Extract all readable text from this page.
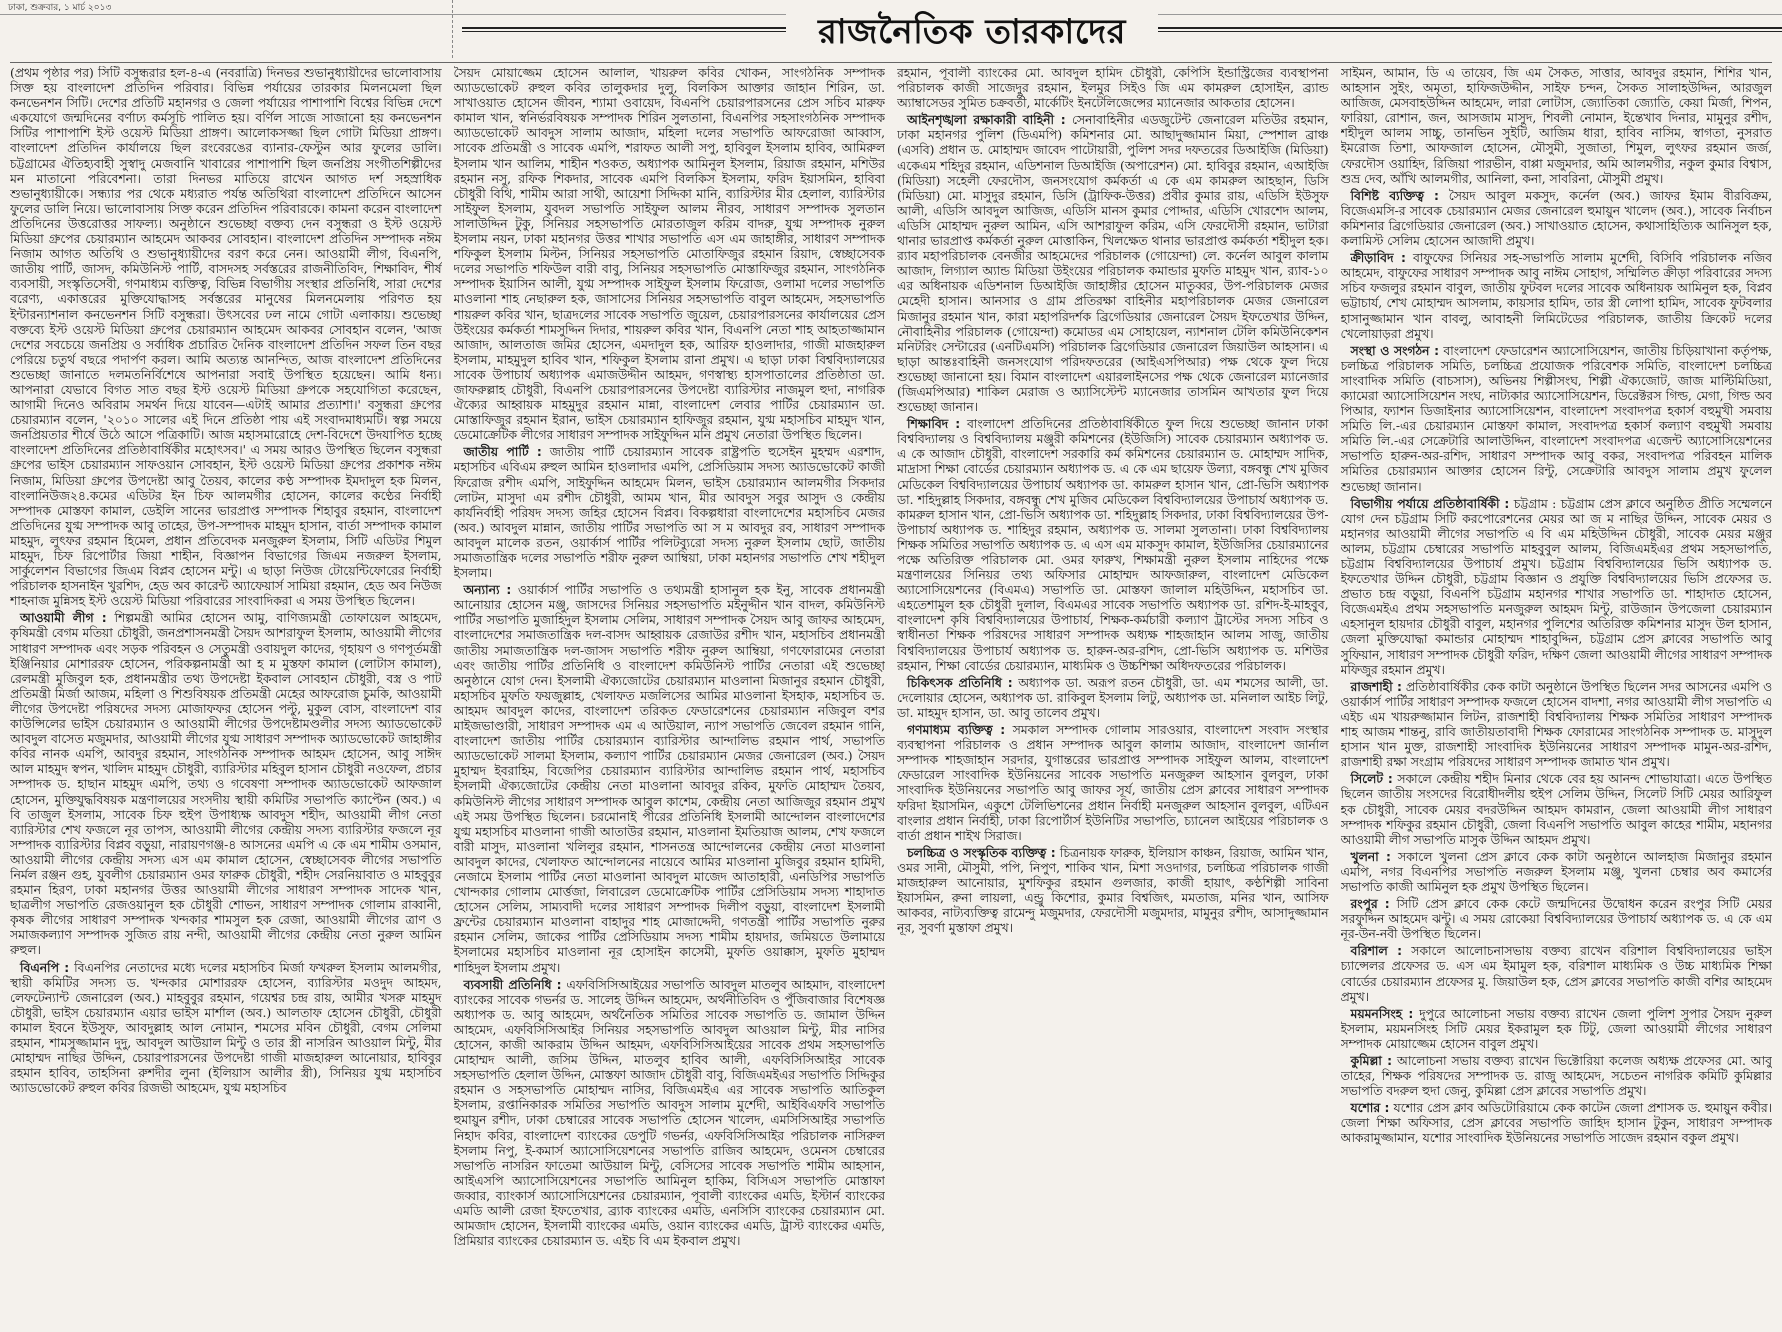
ঢাকা, শুক্রবার, ১ মার্চ ২০১৩
রাজনৈতিক তারকাদের

(প্রথম পৃষ্ঠার পর) সিটি বসুন্ধরার হল-৪-এ (নবরাত্রি) দিনভর শুভানুধ্যায়ীদের ভালোবাসায় সিক্ত হয় বাংলাদেশ প্রতিদিন পরিবার। বিভিন্ন পর্যায়ের তারকার মিলনমেলা ছিল কনভেনশন সিটি। দেশের প্রতিটি মহানগর ও জেলা পর্যায়ের পাশাপাশি বিশ্বের বিভিন্ন দেশে একযোগে জন্মদিনের বর্ণাঢ্য কর্মসূচি পালিত হয়। বর্ণিল সাজে সাজানো হয় কনভেনশন সিটির পাশাপাশি ইস্ট ওয়েস্ট মিডিয়া প্রাঙ্গণ। আলোকসজ্জা ছিল গোটা মিডিয়া প্রাঙ্গণ। বাংলাদেশ প্রতিদিন কার্যালয়ে ছিল রংবেরঙের ব্যানার-ফেস্টুন আর ফুলের ডালি। চট্টগ্রামের ঐতিহ্যবাহী সুস্বাদু মেজবানি খাবারের পাশাপাশি ছিল জনপ্রিয় সংগীতশিল্পীদের মন মাতানো পরিবেশনা। তারা দিনভর মাতিয়ে রাখেন আগত দর্শ সহস্রাধিক শুভানুধ্যায়ীকে। সন্ধ্যার পর থেকে মধ্যরাত পর্যন্ত অতিথিরা বাংলাদেশ প্রতিদিনে আসেন ফুলের ডালি নিয়ে। ভালোবাসায় সিক্ত করেন প্রতিদিন পরিবারকে। কামনা করেন বাংলাদেশ প্রতিদিনের উত্তরোত্তর সাফল্য। অনুষ্ঠানে শুভেচ্ছা বক্তব্য দেন বসুন্ধরা ও ইস্ট ওয়েস্ট মিডিয়া গ্রুপের চেয়ারম্যান আহমেদ আকবর সোবহান। বাংলাদেশ প্রতিদিন সম্পাদক নঈম নিজাম আগত অতিথি ও শুভানুধ্যায়ীদের বরণ করে নেন। আওয়ামী লীগ, বিএনপি, জাতীয় পার্টি, জাসদ, কমিউনিস্ট পার্টি, বাসদসহ সর্বস্তরের রাজনীতিবিদ, শিক্ষাবিদ, শীর্ষ ব্যবসায়ী, সংস্কৃতিসেবী, গণমাধ্যম ব্যক্তিত্ব, বিভিন্ন বিভাগীয় সংস্থার প্রতিনিধি, সারা দেশের বরেণ্য, একাত্তরের মুক্তিযোদ্ধাসহ সর্বস্তরের মানুষের মিলনমেলায় পরিণত হয় ইন্টারন্যাশনাল কনভেনশন সিটি বসুন্ধরা। উৎসবের ঢল নামে গোটা এলাকায়। শুভেচ্ছা বক্তব্যে ইস্ট ওয়েস্ট মিডিয়া গ্রুপের চেয়ারম্যান আহমেদ আকবর সোবহান বলেন, 'আজ দেশের সবচেয়ে জনপ্রিয় ও সর্বাধিক প্রচারিত দৈনিক বাংলাদেশ প্রতিদিন সফল তিন বছর পেরিয়ে চতুর্থ বছরে পদার্পণ করল। আমি অত্যন্ত আনন্দিত, আজ বাংলাদেশ প্রতিদিনের শুভেচ্ছা জানাতে দলমতনির্বিশেষে আপনারা সবাই উপস্থিত হয়েছেন। আমি ধন্য। আপনারা যেভাবে বিগত সাত বছর ইস্ট ওয়েস্ট মিডিয়া গ্রুপকে সহযোগিতা করেছেন, আগামী দিনেও অবিরাম সমর্থন দিয়ে যাবেন—এটাই আমার প্রত্যাশা।' বসুন্ধরা গ্রুপের চেয়ারম্যান বলেন, '২০১০ সালের এই দিনে প্রতিষ্ঠা পায় এই সংবাদমাধ্যমটি। স্বল্প সময়ে জনপ্রিয়তার শীর্ষে উঠে আসে পত্রিকাটি। আজ মহাসমারোহে দেশ-বিদেশে উদযাপিত হচ্ছে বাংলাদেশ প্রতিদিনের প্রতিষ্ঠাবার্ষিকীর মহোৎসব।' এ সময় আরও উপস্থিত ছিলেন বসুন্ধরা গ্রুপের ভাইস চেয়ারম্যান সাফওয়ান সোবহান, ইস্ট ওয়েস্ট মিডিয়া গ্রুপের প্রকাশক নঈম নিজাম, মিডিয়া গ্রুপের উপদেষ্টা আবু তৈয়ব, কালের কণ্ঠ সম্পাদক ইমদাদুল হক মিলন, বাংলানিউজ২৪.কমের এডিটর ইন চিফ আলমগীর হোসেন, কালের কণ্ঠের নির্বাহী সম্পাদক মোস্তফা কামাল, ডেইলি সানের ভারপ্রাপ্ত সম্পাদক শিহাবুর রহমান, বাংলাদেশ প্রতিদিনের যুগ্ম সম্পাদক আবু তাহের, উপ-সম্পাদক মাহমুদ হাসান, বার্তা সম্পাদক কামাল মাহমুদ, লুৎফর রহমান হিমেল, প্রধান প্রতিবেদক মনজুরুল ইসলাম, সিটি এডিটর শিমুল মাহমুদ, চিফ রিপোর্টার জিয়া শাহীন, বিজ্ঞাপন বিভাগের জিএম নজরুল ইসলাম, সার্কুলেশন বিভাগের জিএম বিপ্লব হোসেন মন্টু। এ ছাড়া নিউজ টোয়েন্টিফোরের নির্বাহী পরিচালক হাসনাইন খুরশিদ, হেড অব কারেন্ট অ্যাফেয়ার্স সামিয়া রহমান, হেড অব নিউজ শাহনাজ মুন্নিসহ ইস্ট ওয়েস্ট মিডিয়া পরিবারের সাংবাদিকরা এ সময় উপস্থিত ছিলেন।

আওয়ামী লীগ : শিল্পমন্ত্রী আমির হোসেন আমু, বাণিজ্যমন্ত্রী তোফায়েল আহমেদ, কৃষিমন্ত্রী বেগম মতিয়া চৌধুরী, জনপ্রশাসনমন্ত্রী সৈয়দ আশরাফুল ইসলাম, আওয়ামী লীগের সাধারণ সম্পাদক এবং সড়ক পরিবহন ও সেতুমন্ত্রী ওবায়দুল কাদের, গৃহায়ণ ও গণপূর্তমন্ত্রী ইঞ্জিনিয়ার মোশাররফ হোসেন, পরিকল্পনামন্ত্রী আ হ ম মুস্তফা কামাল (লোটাস কামাল), রেলমন্ত্রী মুজিবুল হক, প্রধানমন্ত্রীর তথ্য উপদেষ্টা ইকবাল সোবহান চৌধুরী, বস্ত্র ও পাট প্রতিমন্ত্রী মির্জা আজম, মহিলা ও শিশুবিষয়ক প্রতিমন্ত্রী মেহের আফরোজ চুমকি, আওয়ামী লীগের উপদেষ্টা পরিষদের সদস্য মোজাফফর হোসেন পল্টু, মুকুল বোস, বাংলাদেশ বার কাউন্সিলের ভাইস চেয়ারম্যান ও আওয়ামী লীগের উপদেষ্টামণ্ডলীর সদস্য অ্যাডভোকেট আবদুল বাসেত মজুমদার, আওয়ামী লীগের যুগ্ম সাধারণ সম্পাদক অ্যাডভোকেট জাহাঙ্গীর কবির নানক এমপি, আবদুর রহমান, সাংগঠনিক সম্পাদক আহমদ হোসেন, আবু সাঈদ আল মাহমুদ স্বপন, খালিদ মাহমুদ চৌধুরী, ব্যারিস্টার মহিবুল হাসান চৌধুরী নওফেল, প্রচার সম্পাদক ড. হাছান মাহমুদ এমপি, তথ্য ও গবেষণা সম্পাদক অ্যাডভোকেট আফজাল হোসেন, মুক্তিযুদ্ধবিষয়ক মন্ত্রণালয়ের সংসদীয় স্থায়ী কমিটির সভাপতি ক্যাপ্টেন (অব.) এ বি তাজুল ইসলাম, সাবেক চিফ হুইপ উপাধ্যক্ষ আবদুস শহীদ, আওয়ামী লীগ নেতা ব্যারিস্টার শেখ ফজলে নূর তাপস, আওয়ামী লীগের কেন্দ্রীয় সদস্য ব্যারিস্টার ফজলে নূর সম্পাদক ব্যারিস্টার বিপ্লব বড়ুয়া, নারায়ণগঞ্জ-৪ আসনের এমপি এ কে এম শামীম ওসমান, আওয়ামী লীগের কেন্দ্রীয় সদস্য এস এম কামাল হোসেন, স্বেচ্ছাসেবক লীগের সভাপতি নির্মল রঞ্জন গুহ, যুবলীগ চেয়ারম্যান ওমর ফারুক চৌধুরী, শহীদ সেরনিয়াবাত ও মাহবুবুর রহমান হিরণ, ঢাকা মহানগর উত্তর আওয়ামী লীগের সাধারণ সম্পাদক সাদেক খান, ছাত্রলীগ সভাপতি রেজওয়ানুল হক চৌধুরী শোভন, সাধারণ সম্পাদক গোলাম রাব্বানী, কৃষক লীগের সাধারণ সম্পাদক খন্দকার শামসুল হক রেজা, আওয়ামী লীগের ত্রাণ ও সমাজকল্যাণ সম্পাদক সুজিত রায় নন্দী, আওয়ামী লীগের কেন্দ্রীয় নেতা নুরুল আমিন রুহুল।

বিএনপি : বিএনপির নেতাদের মধ্যে দলের মহাসচিব মির্জা ফখরুল ইসলাম আলমগীর, স্থায়ী কমিটির সদস্য ড. খন্দকার মোশাররফ হোসেন, ব্যারিস্টার মওদুদ আহমদ, লেফটেন্যান্ট জেনারেল (অব.) মাহবুবুর রহমান, গয়েশ্বর চন্দ্র রায়, আমীর খসরু মাহমুদ চৌধুরী, ভাইস চেয়ারম্যান এয়ার ভাইস মার্শাল (অব.) আলতাফ হোসেন চৌধুরী, চৌধুরী কামাল ইবনে ইউসুফ, আবদুল্লাহ আল নোমান, শমসের মবিন চৌধুরী, বেগম সেলিমা রহমান, শামসুজ্জামান দুদু, আবদুল আউয়াল মিন্টু ও তার স্ত্রী নাসরিন আওয়াল মিন্টু, মীর মোহাম্মদ নাছির উদ্দিন, চেয়ারপারসনের উপদেষ্টা গাজী মাজহারুল আনোয়ার, হাবিবুর রহমান হাবিব, তাহসিনা রুশদীর লুনা (ইলিয়াস আলীর স্ত্রী), সিনিয়র যুগ্ম মহাসচিব অ্যাডভোকেট রুহুল কবির রিজভী আহমেদ, যুগ্ম মহাসচিব

সৈয়দ মোয়াজ্জেম হোসেন আলাল, খায়রুল কবির খোকন, সাংগঠনিক সম্পাদক অ্যাডভোকেট রুহুল কবির তালুকদার দুলু, বিলকিস আক্তার জাহান শিরিন, ডা. সাখাওয়াত হোসেন জীবন, শ্যামা ওবায়েদ, বিএনপি চেয়ারপারসনের প্রেস সচিব মারুফ কামাল খান, স্বনির্ভরবিষয়ক সম্পাদক শিরিন সুলতানা, বিএনপির সহসাংগঠনিক সম্পাদক অ্যাডভোকেট আবদুস সালাম আজাদ, মহিলা দলের সভাপতি আফরোজা আব্বাস, সাবেক প্রতিমন্ত্রী ও সাবেক এমপি, শরাফত আলী সপু, হাবিবুল ইসলাম হাবিব, আমিরুল ইসলাম খান আলিম, শাহীন শওকত, অধ্যাপক আমিনুল ইসলাম, রিয়াজ রহমান, মশিউর রহমান নসু, রফিক শিকদার, সাবেক এমপি বিলকিস ইসলাম, ফরিদ ইয়াসমিন, হাবিবা চৌধুরী বিথি, শামীম আরা সাথী, আয়েশা সিদ্দিকা মানি, ব্যারিস্টার মীর হেলাল, ব্যারিস্টার সাইফুল ইসলাম, যুবদল সভাপতি সাইফুল আলম নীরব, সাধারণ সম্পাদক সুলতান সালাউদ্দিন টুকু, সিনিয়র সহসভাপতি মোরতাজুল করিম বাদরু, যুগ্ম সম্পাদক নুরুল ইসলাম নয়ন, ঢাকা মহানগর উত্তর শাখার সভাপতি এস এম জাহাঙ্গীর, সাধারণ সম্পাদক শফিকুল ইসলাম মিল্টন, সিনিয়র সহসভাপতি মোতাফিজুর রহমান রিয়াদ, স্বেচ্ছাসেবক দলের সভাপতি শফিউল বারী বাবু, সিনিয়র সহসভাপতি মোস্তাফিজুর রহমান, সাংগঠনিক সম্পাদক ইয়াসিন আলী, যুগ্ম সম্পাদক সাইফুল ইসলাম ফিরোজ, ওলামা দলের সভাপতি মাওলানা শাহ নেছারুল হক, জাসাসের সিনিয়র সহসভাপতি বাবুল আহমেদ, সহসভাপতি শায়রুল কবির খান, ছাত্রদলের সাবেক সভাপতি জুয়েল, চেয়ারপারসনের কার্যালয়ের প্রেস উইংয়ের কর্মকর্তা শামসুদ্দিন দিদার, শায়রুল কবির খান, বিএনপি নেতা শাহ আহতাজ্জামান আজাদ, আলতাজ জমির হোসেন, এমদাদুল হক, আরিফ হাওলাদার, গাজী মাজহারুল ইসলাম, মাহমুদুল হাবিব খান, শফিকুল ইসলাম রানা প্রমুখ। এ ছাড়া ঢাকা বিশ্ববিদ্যালয়ের সাবেক উপাচার্য অধ্যাপক এমাজউদ্দীন আহমদ, গণস্বাস্থ্য হাসপাতালের প্রতিষ্ঠাতা ডা. জাফরুল্লাহ চৌধুরী, বিএনপি চেয়ারপারসনের উপদেষ্টা ব্যারিস্টার নাজমুল হুদা, নাগরিক ঐক্যের আহ্বায়ক মাহমুদুর রহমান মান্না, বাংলাদেশ লেবার পার্টির চেয়ারম্যান ডা. মোস্তাফিজুর রহমান ইরান, ভাইস চেয়ারম্যান হাফিজুর রহমান, যুগ্ম মহাসচিব মাহমুদ খান, ডেমোক্রেটিক লীগের সাধারণ সম্পাদক সাইফুদ্দিন মনি প্রমুখ নেতারা উপস্থিত ছিলেন।

জাতীয় পার্টি : জাতীয় পার্টি চেয়ারম্যান সাবেক রাষ্ট্রপতি হুসেইন মুহম্মদ এরশাদ, মহাসচিব এবিএম রুহুল আমিন হাওলাদার এমপি, প্রেসিডিয়াম সদস্য অ্যাডভোকেট কাজী ফিরোজ রশীদ এমপি, সাইফুদ্দিন আহমেদ মিলন, ভাইস চেয়ারম্যান আলমগীর সিকদার লোটন, মাসুদা এম রশীদ চৌধুরী, আমম খান, মীর আবদুস সবুর আসুদ ও কেন্দ্রীয় কার্যনির্বাহী পরিষদ সদস্য জহির হোসেন বিপ্লব। বিকল্পধারা বাংলাদেশের মহাসচিব মেজর (অব.) আবদুল মান্নান, জাতীয় পার্টির সভাপতি আ স ম আবদুর রব, সাধারণ সম্পাদক আবদুল মালেক রতন, ওয়ার্কার্স পার্টির পলিটব্যুরো সদস্য নুরুল ইসলাম ছোট, জাতীয় সমাজতান্ত্রিক দলের সভাপতি শরীফ নুরুল আম্বিয়া, ঢাকা মহানগর সভাপতি শেখ শহীদুল ইসলাম।

অন্যান্য : ওয়ার্কার্স পার্টির সভাপতি ও তথ্যমন্ত্রী হাসানুল হক ইনু, সাবেক প্রধানমন্ত্রী আনোয়ার হোসেন মঞ্জু, জাসদের সিনিয়র সহসভাপতি মইনুদ্দীন খান বাদল, কমিউনিস্ট পার্টির সভাপতি মুজাহিদুল ইসলাম সেলিম, সাধারণ সম্পাদক সৈয়দ আবু জাফর আহমেদ, বাংলাদেশের সমাজতান্ত্রিক দল-বাসদ আহ্বায়ক রেজাউর রশীদ খান, মহাসচিব প্রধানমন্ত্রী জাতীয় সমাজতান্ত্রিক দল-জাসদ সভাপতি শরীফ নুরুল আম্বিয়া, গণফোরামের নেতারা এবং জাতীয় পার্টির প্রতিনিধি ও বাংলাদেশ কমিউনিস্ট পার্টির নেতারা এই শুভেচ্ছা অনুষ্ঠানে যোগ দেন। ইসলামী ঐক্যজোটের চেয়ারম্যান মাওলানা মিজানুর রহমান চৌধুরী, মহাসচিব মুফতি ফয়জুল্লাহ, খেলাফত মজলিসের আমির মাওলানা ইসহাক, মহাসচিব ড. আহমদ আবদুল কাদের, বাংলাদেশ তরিকত ফেডারেশনের চেয়ারম্যান নজিবুল বশর মাইজভাণ্ডারী, সাধারণ সম্পাদক এম এ আউয়াল, ন্যাপ সভাপতি জেবেল রহমান গানি, বাংলাদেশ জাতীয় পার্টির চেয়ারম্যান ব্যারিস্টার আন্দালিভ রহমান পার্থ, সভাপতি অ্যাডভোকেট সালমা ইসলাম, কল্যাণ পার্টির চেয়ারম্যান মেজর জেনারেল (অব.) সৈয়দ মুহাম্মদ ইবরাহিম, বিজেপির চেয়ারম্যান ব্যারিস্টার আন্দালিভ রহমান পার্থ, মহাসচিব ইসলামী ঐক্যজোটের কেন্দ্রীয় নেতা মাওলানা আবদুর রকিব, মুফতি মোহাম্মদ তৈয়ব, কমিউনিস্ট লীগের সাধারণ সম্পাদক আবুল কাশেম, কেন্দ্রীয় নেতা আজিজুর রহমান প্রমুখ এই সময় উপস্থিত ছিলেন। চরমোনাই পীরের প্রতিনিধি ইসলামী আন্দোলন বাংলাদেশের যুগ্ম মহাসচিব মাওলানা গাজী আতাউর রহমান, মাওলানা ইমতিয়াজ আলম, শেখ ফজলে বারী মাসুদ, মাওলানা খলিলুর রহমান, শাসনতন্ত্র আন্দোলনের কেন্দ্রীয় নেতা মাওলানা আবদুল কাদের, খেলাফত আন্দোলনের নায়েবে আমির মাওলানা মুজিবুর রহমান হামিদী, নেজামে ইসলাম পার্টির নেতা মাওলানা আবদুল মাজেদ আতাহারী, এনডিপির সভাপতি খোন্দকার গোলাম মোর্ত্তজা, লিবারেল ডেমোক্রেটিক পার্টির প্রেসিডিয়াম সদস্য শাহাদাত হোসেন সেলিম, সাম্যবাদী দলের সাধারণ সম্পাদক দিলীপ বড়ুয়া, বাংলাদেশ ইসলামী ফ্রন্টের চেয়ারম্যান মাওলানা বাহাদুর শাহ মোজাদ্দেদী, গণতন্ত্রী পার্টির সভাপতি নুরুর রহমান সেলিম, জাকের পার্টির প্রেসিডিয়াম সদস্য শামীম হায়দার, জমিয়তে উলামায়ে ইসলামের মহাসচিব মাওলানা নূর হোসাইন কাসেমী, মুফতি ওয়াক্কাস, মুফতি মুহাম্মদ শাহিদুল ইসলাম প্রমুখ।

ব্যবসায়ী প্রতিনিধি : এফবিসিসিআইয়ের সভাপতি আবদুল মাতলুব আহমাদ, বাংলাদেশ ব্যাংকের সাবেক গভর্নর ড. সালেহ উদ্দিন আহমেদ, অর্থনীতিবিদ ও পুঁজিবাজার বিশেষজ্ঞ অধ্যাপক ড. আবু আহমেদ, অর্থনৈতিক সমিতির সাবেক সভাপতি ড. জামাল উদ্দিন আহমেদ, এফবিসিসিআইর সিনিয়র সহসভাপতি আবদুল আওয়াল মিন্টু, মীর নাসির হোসেন, কাজী আকরাম উদ্দিন আহমদ, এফবিসিসিআইয়ের সাবেক প্রথম সহসভাপতি মোহাম্মদ আলী, জসিম উদ্দিন, মাতলুব হাবিব আলী, এফবিসিসিআইর সাবেক সহসভাপতি হেলাল উদ্দিন, মোস্তফা আজাদ চৌধুরী বাবু, বিজিএমইএর সভাপতি সিদ্দিকুর রহমান ও সহসভাপতি মোহাম্মদ নাসির, বিজিএমইএ এর সাবেক সভাপতি আতিকুল ইসলাম, রপ্তানিকারক সমিতির সভাপতি আবদুস সালাম মুর্শেদী, আইবিএফবি সভাপতি হুমায়ুন রশীদ, ঢাকা চেম্বারের সাবেক সভাপতি হোসেন খালেদ, এমসিসিআইর সভাপতি নিহাদ কবির, বাংলাদেশ ব্যাংকের ডেপুটি গভর্নর, এফবিসিসিআইর পরিচালক নাসিরুল ইসলাম নিপু, ই-কমার্স অ্যাসোসিয়েশনের সভাপতি রাজিব আহমেদ, ওমেনস চেম্বারের সভাপতি নাসরিন ফাতেমা আউয়াল মিন্টু, বেসিসের সাবেক সভাপতি শামীম আহসান, আইএসপি অ্যাসোসিয়েশনের সভাপতি আমিনুল হাকিম, বিসিএস সভাপতি মোস্তাফা জব্বার, ব্যাংকার্স অ্যাসোসিয়েশনের চেয়ারম্যান, পূবালী ব্যাংকের এমডি, ইস্টার্ন ব্যাংকের এমডি আলী রেজা ইফতেখার, ব্র্যাক ব্যাংকের এমডি, এনসিসি ব্যাংকের চেয়ারম্যান মো. আমজাদ হোসেন, ইসলামী ব্যাংকের এমডি, ওয়ান ব্যাংকের এমডি, ট্রাস্ট ব্যাংকের এমডি, প্রিমিয়ার ব্যাংকের চেয়ারম্যান ড. এইচ বি এম ইকবাল প্রমুখ।

রহমান, পূবালী ব্যাংকের মো. আবদুল হামিদ চৌধুরী, কেপিসি ইন্ডাস্ট্রিজের ব্যবস্থাপনা পরিচালক কাজী সাজেদুর রহমান, ইলমুর সিইও জি এম কামরুল হোসাইন, ব্র্যান্ড অ্যাম্বাসেডর সুমিত চক্রবর্তী, মার্কেটিং ইনটেলিজেন্সের ম্যানেজার আকতার হোসেন।

আইনশৃঙ্খলা রক্ষাকারী বাহিনী : সেনাবাহিনীর এডজুটেন্ট জেনারেল মতিউর রহমান, ঢাকা মহানগর পুলিশ (ডিএমপি) কমিশনার মো. আছাদুজ্জামান মিয়া, স্পেশাল ব্রাঞ্চ (এসবি) প্রধান ড. মোহাম্মদ জাবেদ পাটোয়ারী, পুলিশ সদর দফতরের ডিআইজি (মিডিয়া) একেএম শহিদুর রহমান, এডিশনাল ডিআইজি (অপারেশন) মো. হাবিবুর রহমান, এআইজি (মিডিয়া) সহেলী ফেরদৌস, জনসংযোগ কর্মকর্তা এ কে এম কামরুল আহছান, ডিসি (মিডিয়া) মো. মাসুদুর রহমান, ডিসি (ট্রাফিক-উত্তর) প্রবীর কুমার রায়, এডিসি ইউসুফ আলী, এডিসি আবদুল আজিজ, এডিসি মানস কুমার পোদ্দার, এডিসি খোরশেদ আলম, এডিসি মোহাম্মদ নুরুল আমিন, এসি আশরাফুল করিম, এসি ফেরদৌসী রহমান, ভাটারা থানার ভারপ্রাপ্ত কর্মকর্তা নুরুল মোত্তাকিন, খিলক্ষেত থানার ভারপ্রাপ্ত কর্মকর্তা শহীদুল হক। র‌্যাব মহাপরিচালক বেনজীর আহমেদের পরিচালক (গোয়েন্দা) লে. কর্নেল আবুল কালাম আজাদ, লিগ্যাল অ্যান্ড মিডিয়া উইংয়ের পরিচালক কমান্ডার মুফতি মাহমুদ খান, র‌্যাব-১০ এর অধিনায়ক এডিশনাল ডিআইজি জাহাঙ্গীর হোসেন মাতুব্বর, উপ-পরিচালক মেজর মেহেদী হাসান। আনসার ও গ্রাম প্রতিরক্ষা বাহিনীর মহাপরিচালক মেজর জেনারেল মিজানুর রহমান খান, কারা মহাপরিদর্শক ব্রিগেডিয়ার জেনারেল সৈয়দ ইফতেখার উদ্দিন, নৌবাহিনীর পরিচালক (গোয়েন্দা) কমোডর এম সোহায়েল, ন্যাশনাল টেলি কমিউনিকেশন মনিটরিং সেন্টারের (এনটিএমসি) পরিচালক ব্রিগেডিয়ার জেনারেল জিয়াউল আহসান। এ ছাড়া আন্তঃবাহিনী জনসংযোগ পরিদফতরের (আইএসপিআর) পক্ষ থেকে ফুল দিয়ে শুভেচ্ছা জানানো হয়। বিমান বাংলাদেশ এয়ারলাইনসের পক্ষ থেকে জেনারেল ম্যানেজার (জিএমপিআর) শাকিল মেরাজ ও অ্যাসিস্টেন্ট ম্যানেজার তাসমিন আখতার ফুল দিয়ে শুভেচ্ছা জানান।

শিক্ষাবিদ : বাংলাদেশ প্রতিদিনের প্রতিষ্ঠাবার্ষিকীতে ফুল দিয়ে শুভেচ্ছা জানান ঢাকা বিশ্ববিদ্যালয় ও বিশ্ববিদ্যালয় মঞ্জুরী কমিশনের (ইউজিসি) সাবেক চেয়ারম্যান অধ্যাপক ড. এ কে আজাদ চৌধুরী, বাংলাদেশ সরকারি কর্ম কমিশনের চেয়ারম্যান ড. মোহাম্মদ সাদিক, মাদ্রাসা শিক্ষা বোর্ডের চেয়ারম্যান অধ্যাপক ড. এ কে এম ছায়েফ উল্যা, বঙ্গবন্ধু শেখ মুজিব মেডিকেল বিশ্ববিদ্যালয়ের উপাচার্য অধ্যাপক ডা. কামরুল হাসান খান, প্রো-ভিসি অধ্যাপক ডা. শহিদুল্লাহ সিকদার, বঙ্গবন্ধু শেখ মুজিব মেডিকেল বিশ্ববিদ্যালয়ের উপাচার্য অধ্যাপক ড. কামরুল হাসান খান, প্রো-ভিসি অধ্যাপক ডা. শহিদুল্লাহ সিকদার, ঢাকা বিশ্ববিদ্যালয়ের উপ-উপাচার্য অধ্যাপক ড. শাহিদুর রহমান, অধ্যাপক ড. সালমা সুলতানা। ঢাকা বিশ্ববিদ্যালয় শিক্ষক সমিতির সভাপতি অধ্যাপক ড. এ এস এম মাকসুদ কামাল, ইউজিসির চেয়ারম্যানের পক্ষে অতিরিক্ত পরিচালক মো. ওমর ফারুখ, শিক্ষামন্ত্রী নুরুল ইসলাম নাহিদের পক্ষে মন্ত্রণালয়ের সিনিয়র তথ্য অফিসার মোহাম্মদ আফজারুল, বাংলাদেশ মেডিকেল অ্যাসোসিয়েশনের (বিএমএ) সভাপতি ডা. মোস্তফা জালাল মহিউদ্দিন, মহাসচিব ডা. এহতেশামুল হক চৌধুরী দুলাল, বিএমএর সাবেক সভাপতি অধ্যাপক ডা. রশিদ-ই-মাহবুব, বাংলাদেশ কৃষি বিশ্ববিদ্যালয়ের উপাচার্য, শিক্ষক-কর্মচারী কল্যাণ ট্রাস্টের সদস্য সচিব ও স্বাধীনতা শিক্ষক পরিষদের সাধারণ সম্পাদক অধ্যক্ষ শাহজাহান আলম সাজু, জাতীয় বিশ্ববিদ্যালয়ের উপাচার্য অধ্যাপক ড. হারুন-অর-রশিদ, প্রো-ভিসি অধ্যাপক ড. মশিউর রহমান, শিক্ষা বোর্ডের চেয়ারম্যান, মাধ্যমিক ও উচ্চশিক্ষা অধিদফতরের পরিচালক।

চিকিৎসক প্রতিনিধি : অধ্যাপক ডা. অরূপ রতন চৌধুরী, ডা. এম শমসের আলী, ডা. দেলোয়ার হোসেন, অধ্যাপক ডা. রাকিবুল ইসলাম লিটু, অধ্যাপক ডা. মনিলাল আইচ লিটু, ডা. মাহমুদ হাসান, ডা. আবু তালেব প্রমুখ।

গণমাধ্যম ব্যক্তিত্ব : সমকাল সম্পাদক গোলাম সারওয়ার, বাংলাদেশ সংবাদ সংস্থার ব্যবস্থাপনা পরিচালক ও প্রধান সম্পাদক আবুল কালাম আজাদ, বাংলাদেশ জার্নাল সম্পাদক শাহজাহান সরদার, যুগান্তরের ভারপ্রাপ্ত সম্পাদক সাইফুল আলম, বাংলাদেশ ফেডারেল সাংবাদিক ইউনিয়নের সাবেক সভাপতি মনজুরুল আহসান বুলবুল, ঢাকা সাংবাদিক ইউনিয়নের সভাপতি আবু জাফর সূর্য, জাতীয় প্রেস ক্লাবের সাধারণ সম্পাদক ফরিদা ইয়াসমিন, একুশে টেলিভিশনের প্রধান নির্বাহী মনজুরুল আহসান বুলবুল, এটিএন বাংলার প্রধান নির্বাহী, ঢাকা রিপোর্টার্স ইউনিটির সভাপতি, চ্যানেল আইয়ের পরিচালক ও বার্তা প্রধান শাইখ সিরাজ।

চলচ্চিত্র ও সংস্কৃতিক ব্যক্তিত্ব : চিত্রনায়ক ফারুক, ইলিয়াস কাঞ্চন, রিয়াজ, আমিন খান, ওমর সানী, মৌসুমী, পপি, নিপুণ, শাকিব খান, মিশা সওদাগর, চলচ্চিত্র পরিচালক গাজী মাজহারুল আনোয়ার, মুশফিকুর রহমান গুলজার, কাজী হায়াৎ, কণ্ঠশিল্পী সাবিনা ইয়াসমিন, রুনা লায়লা, এন্ড্রু কিশোর, কুমার বিশ্বজিৎ, মমতাজ, মনির খান, আসিফ আকবর, নাট্যব্যক্তিত্ব রামেন্দু মজুমদার, ফেরদৌসী মজুমদার, মামুনুর রশীদ, আসাদুজ্জামান নূর, সুবর্ণা মুস্তাফা প্রমুখ।

সাইমন, আমান, ডি এ তায়েব, জি এম সৈকত, সাত্তার, আবদুর রহমান, শিশির খান, আহসান সুইং, অমৃতা, হাফিজউদ্দীন, সাইফ চন্দন, সৈকত সালাহউদ্দিন, আরজুল আজিজ, মেসবাহউদ্দিন আহমেদ, লারা লোটাস, জ্যোতিকা জ্যোতি, কেয়া মির্জা, শিপন, ফারিয়া, রোশান, জন, আসজাম মাসুদ, শিবলী নোমান, ইন্তেখাব দিনার, মামুনুর রশীদ, শহীদুল আলম সাচ্চু, তানভিন সুইটি, আজিম ধারা, হাবিব নাসিম, স্বাগতা, নুসরাত ইমরোজ তিশা, আফজাল হোসেন, মৌসুমী, সুজাতা, শিমুল, লুৎফর রহমান জর্জ, ফেরদৌস ওয়াহিদ, রিজিয়া পারভীন, বাপ্পা মজুমদার, অমি আলমগীর, নকুল কুমার বিশ্বাস, শুভ্র দেব, আঁখি আলমগীর, আনিলা, কনা, সাবরিনা, মৌসুমী প্রমুখ।

বিশিষ্ট ব্যক্তিত্ব : সৈয়দ আবুল মকসুদ, কর্নেল (অব.) জাফর ইমাম বীরবিক্রম, বিজেএমসি-র সাবেক চেয়ারম্যান মেজর জেনারেল হুমায়ুন খালেদ (অব.), সাবেক নির্বাচন কমিশনার ব্রিগেডিয়ার জেনারেল (অব.) সাখাওয়াত হোসেন, কথাসাহিত্যিক আনিসুল হক, কলামিস্ট সেলিম হোসেন আজাদী প্রমুখ।

ক্রীড়াবিদ : বাফুফের সিনিয়র সহ-সভাপতি সালাম মুর্শেদী, বিসিবি পরিচালক নজিব আহমেদ, বাফুফের সাধারণ সম্পাদক আবু নাঈম সোহাগ, সম্মিলিত ক্রীড়া পরিবারের সদস্য সচিব ফজলুর রহমান বাবুল, জাতীয় ফুটবল দলের সাবেক অধিনায়ক আমিনুল হক, বিপ্লব ভট্টাচার্য, শেখ মোহাম্মদ আসলাম, কায়সার হামিদ, তার স্ত্রী লোপা হামিদ, সাবেক ফুটবলার হাসানুজ্জামান খান বাবলু, আবাহনী লিমিটেডের পরিচালক, জাতীয় ক্রিকেট দলের খেলোয়াড়রা প্রমুখ।

সংস্থা ও সংগঠন : বাংলাদেশ ফেডারেশন অ্যাসোসিয়েশন, জাতীয় চিড়িয়াখানা কর্তৃপক্ষ, চলচ্চিত্র পরিচালক সমিতি, চলচ্চিত্র প্রযোজক পরিবেশক সমিতি, বাংলাদেশ চলচ্চিত্র সাংবাদিক সমিতি (বাচসাস), অভিনয় শিল্পীসংঘ, শিল্পী ঐক্যজোট, জাজ মাল্টিমিডিয়া, ক্যামেরা অ্যাসোসিয়েশন সংঘ, নাট্যকার অ্যাসোসিয়েশন, ডিরেক্টরস গিল্ড, মেগা, গিল্ড অব পিআর, ফ্যাশন ডিজাইনার অ্যাসোসিয়েশন, বাংলাদেশ সংবাদপত্র হকার্স বহুমুখী সমবায় সমিতি লি.-এর চেয়ারম্যান মোস্তফা কামাল, সংবাদপত্র হকার্স কল্যাণ বহুমুখী সমবায় সমিতি লি.-এর সেক্রেটারি আলাউদ্দিন, বাংলাদেশ সংবাদপত্র এজেন্ট অ্যাসোসিয়েশনের সভাপতি হারুন-অর-রশিদ, সাধারণ সম্পাদক আবু বকর, সংবাদপত্র পরিবহন মালিক সমিতির চেয়ারম্যান আক্তার হোসেন রিন্টু, সেক্রেটারি আবদুস সালাম প্রমুখ ফুলেল শুভেচ্ছা জানান।

বিভাগীয় পর্যায়ে প্রতিষ্ঠাবার্ষিকী : চট্টগ্রাম : চট্টগ্রাম প্রেস ক্লাবে অনুষ্ঠিত প্রীতি সম্মেলনে যোগ দেন চট্টগ্রাম সিটি করপোরেশনের মেয়র আ জ ম নাছির উদ্দিন, সাবেক মেয়র ও মহানগর আওয়ামী লীগের সভাপতি এ বি এম মহিউদ্দিন চৌধুরী, সাবেক মেয়র মঞ্জুর আলম, চট্টগ্রাম চেম্বারের সভাপতি মাহবুবুল আলম, বিজিএমইএর প্রথম সহসভাপতি, চট্টগ্রাম বিশ্ববিদ্যালয়ের উপাচার্য প্রমুখ। চট্টগ্রাম বিশ্ববিদ্যালয়ের ভিসি অধ্যাপক ড. ইফতেখার উদ্দিন চৌধুরী, চট্টগ্রাম বিজ্ঞান ও প্রযুক্তি বিশ্ববিদ্যালয়ের ভিসি প্রফেসর ড. প্রভাত চন্দ্র বড়ুয়া, বিএনপি চট্টগ্রাম মহানগর শাখার সভাপতি ডা. শাহাদাত হোসেন, বিজেএমইএ প্রথম সহসভাপতি মনজুরুল আহমদ মিন্টু, রাউজান উপজেলা চেয়ারম্যান এহসানুল হায়দার চৌধুরী বাবুল, মহানগর পুলিশের অতিরিক্ত কমিশনার মাসুদ উল হাসান, জেলা মুক্তিযোদ্ধা কমান্ডার মোহাম্মদ শাহাবুদ্দিন, চট্টগ্রাম প্রেস ক্লাবের সভাপতি আবু সুফিয়ান, সাধারণ সম্পাদক চৌধুরী ফরিদ, দক্ষিণ জেলা আওয়ামী লীগের সাধারণ সম্পাদক মফিজুর রহমান প্রমুখ।

রাজশাহী : প্রতিষ্ঠাবার্ষিকীর কেক কাটা অনুষ্ঠানে উপস্থিত ছিলেন সদর আসনের এমপি ও ওয়ার্কার্স পার্টির সাধারণ সম্পাদক ফজলে হোসেন বাদশা, নগর আওয়ামী লীগ সভাপতি এ এইচ এম খায়রুজ্জামান লিটন, রাজশাহী বিশ্ববিদ্যালয় শিক্ষক সমিতির সাধারণ সম্পাদক শাহ আজম শান্তনু, রাবি জাতীয়তাবাদী শিক্ষক ফোরামের সাংগঠনিক সম্পাদক ড. মাসুদুল হাসান খান মুক্ত, রাজশাহী সাংবাদিক ইউনিয়নের সাধারণ সম্পাদক মামুন-অর-রশিদ, রাজশাহী রক্ষা সংগ্রাম পরিষদের সাধারণ সম্পাদক জামাত খান প্রমুখ।

সিলেট : সকালে কেন্দ্রীয় শহীদ মিনার থেকে বের হয় আনন্দ শোভাযাত্রা। এতে উপস্থিত ছিলেন জাতীয় সংসদের বিরোধীদলীয় হুইপ সেলিম উদ্দিন, সিলেট সিটি মেয়র আরিফুল হক চৌধুরী, সাবেক মেয়র বদরউদ্দিন আহমদ কামরান, জেলা আওয়ামী লীগ সাধারণ সম্পাদক শফিকুর রহমান চৌধুরী, জেলা বিএনপি সভাপতি আবুল কাহের শামীম, মহানগর আওয়ামী লীগ সভাপতি মাসুক উদ্দিন আহমদ প্রমুখ।

খুলনা : সকালে খুলনা প্রেস ক্লাবে কেক কাটা অনুষ্ঠানে আলহাজ মিজানুর রহমান এমপি, নগর বিএনপির সভাপতি নজরুল ইসলাম মঞ্জু, খুলনা চেম্বার অব কমার্সের সভাপতি কাজী আমিনুল হক প্রমুখ উপস্থিত ছিলেন।

রংপুর : সিটি প্রেস ক্লাবে কেক কেটে জন্মদিনের উদ্বোধন করেন রংপুর সিটি মেয়র সরফুদ্দিন আহমেদ ঝন্টু। এ সময় রোকেয়া বিশ্ববিদ্যালয়ের উপাচার্য অধ্যাপক ড. এ কে এম নূর-উন-নবী উপস্থিত ছিলেন।

বরিশাল : সকালে আলোচনাসভায় বক্তব্য রাখেন বরিশাল বিশ্ববিদ্যালয়ের ভাইস চ্যান্সেলর প্রফেসর ড. এস এম ইমামুল হক, বরিশাল মাধ্যমিক ও উচ্চ মাধ্যমিক শিক্ষা বোর্ডের চেয়ারম্যান প্রফেসর মু. জিয়াউল হক, প্রেস ক্লাবের সভাপতি কাজী বশির আহমেদ প্রমুখ।

ময়মনসিংহ : দুপুরে আলোচনা সভায় বক্তব্য রাখেন জেলা পুলিশ সুপার সৈয়দ নুরুল ইসলাম, ময়মনসিংহ সিটি মেয়র ইকরামুল হক টিটু, জেলা আওয়ামী লীগের সাধারণ সম্পাদক মোয়াজ্জেম হোসেন বাবুল প্রমুখ।

কুমিল্লা : আলোচনা সভায় বক্তব্য রাখেন ভিক্টোরিয়া কলেজ অধ্যক্ষ প্রফেসর মো. আবু তাহের, শিক্ষক পরিষদের সম্পাদক ড. রাজু আহমেদ, সচেতন নাগরিক কমিটি কুমিল্লার সভাপতি বদরুল হুদা জেনু, কুমিল্লা প্রেস ক্লাবের সভাপতি প্রমুখ।

যশোর : যশোর প্রেস ক্লাব অডিটোরিয়ামে কেক কাটেন জেলা প্রশাসক ড. হুমায়ুন কবীর। জেলা শিক্ষা অফিসার, প্রেস ক্লাবের সভাপতি জাহিদ হাসান টুকুন, সাধারণ সম্পাদক আকরামুজ্জামান, যশোর সাংবাদিক ইউনিয়নের সভাপতি সাজেদ রহমান বকুল প্রমুখ।
